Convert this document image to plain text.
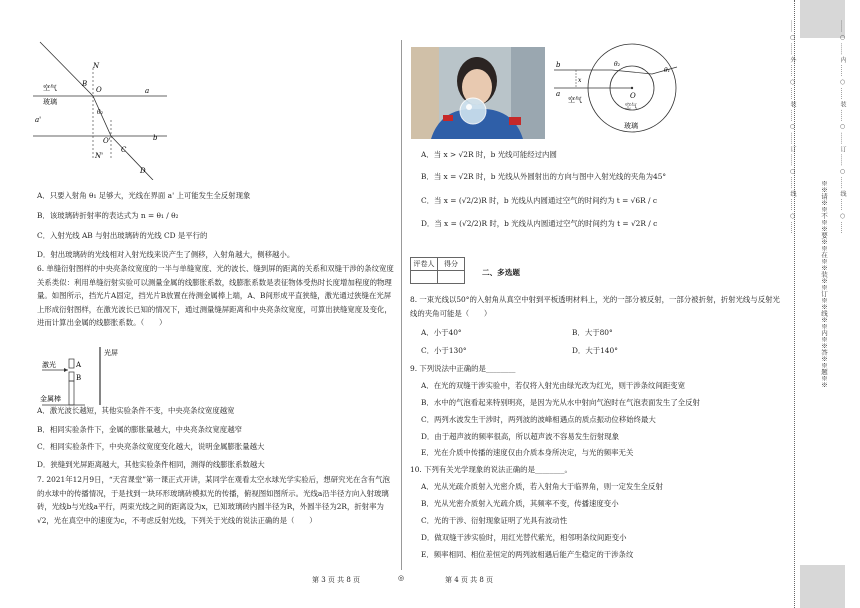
B
N
O	a
空气
玻璃
a'
θ₂
O'
C
N'
D
b
A．只要入射角 θ₁ 足够大，光线在界面 a' 上可能发生全反射现象
B．该玻璃砖折射率的表达式为 n = θ₁ / θ₂
C．入射光线 AB 与射出玻璃砖的光线 CD 是平行的
D．射出玻璃砖的光线相对入射光线来说产生了侧移，入射角越大，侧移越小。
6. 单缝衍射图样的中央亮条纹宽度的一半与单缝宽度、光的波长、缝到屏的距离的关系和双缝干涉的条纹宽度关系类似：利用单缝衍射实验可以测量金属的线膨胀系数，线膨胀系数是表征物体受热时长度增加程度的物理量。如图所示，挡光片A固定，挡光片B放置在待测金属棒上端，A、B间形成平直狭缝，激光通过狭缝在光屏上形成衍射图样，在激光波长已知的情况下，通过测量缝屏距离和中央亮条纹宽度，可算出狭缝宽度及变化，进而计算出金属的线膨胀系数。（　　）
光屏
激光	A
B
金属棒
A．激光波长越短，其他实验条件不变，中央亮条纹宽度越宽
B．相同实验条件下，金属的膨胀量越大，中央亮条纹宽度越窄
C．相同实验条件下，中央亮条纹宽度变化越大，说明金属膨胀量越大
D．狭缝到光屏距离越大，其他实验条件相同，测得的线膨胀系数越大
7. 2021年12月9日，“天宫课堂”第一课正式开讲，某同学在观看太空水球光学实验后，想研究光在含有气泡的水球中的传播情况，于是找到一块环形玻璃砖模拟光的传播，俯视图如图所示。光线a沿半径方向入射玻璃砖，光线b与光线a平行，两束光线之间的距离设为x，已知玻璃砖内圆半径为R，外圆半径为2R，折射率为√2，光在真空中的速度为c，不考虑反射光线，下列关于光线的说法正确的是（　　）
b
a
x
空气	O
空气
玻璃
θ₂
θ₁
A．当 x > √2R 时，b 光线可能经过内圆
B．当 x = √2R 时，b 光线从外圆射出的方向与图中入射光线的夹角为45°
C．当 x = (√2/2)R 时，b 光线从内圆通过空气的时间约为 t = √6R / c
D．当 x = (√2/2)R 时，b 光线从内圆通过空气的时间约为 t = √2R / c
评卷人	得分

二、多选题
8. 一束光线以50°的入射角从真空中射到平板透明材料上，光的一部分被反射，一部分被折射，折射光线与反射光线的夹角可能是（　　）
A．小于40°	B．大于80°
C．小于130°	D．大于140°
9. 下列说法中正确的是________
A．在光的双缝干涉实验中，若仅将入射光由绿光改为红光，则干涉条纹间距变宽
B．水中的气泡看起来特别明亮，是因为光从水中射向气泡时在气泡表面发生了全反射
C．两列水波发生干涉时，两列波的波峰相遇点的质点振动位移始终最大
D．由于超声波的频率很高，所以超声波不容易发生衍射现象
E．光在介质中传播的速度仅由介质本身所决定，与光的频率无关
10. 下列有关光学现象的说法正确的是________。
A．光从光疏介质射入光密介质，若入射角大于临界角，则一定发生全反射
B．光从光密介质射入光疏介质，其频率不变，传播速度变小
C．光的干涉、衍射现象证明了光具有波动性
D．做双缝干涉实验时，用红光替代紫光，相邻明条纹间距变小
E．频率相同、相位差恒定的两列波相遇后能产生稳定的干涉条纹
第 3 页 共 8 页	◎	第 4 页 共 8 页
…… ○ …… 外 …… ○ …… 装 …… ○ …… 订 …… ○ …… 线 …… ○ ……	…… ○ …… 内 …… ○ …… 装 …… ○ …… 订 …… ○ …… 线 …… ○ ……
※※请※※不※※要※※在※※装※※订※※线※※内※※答※※题※※
